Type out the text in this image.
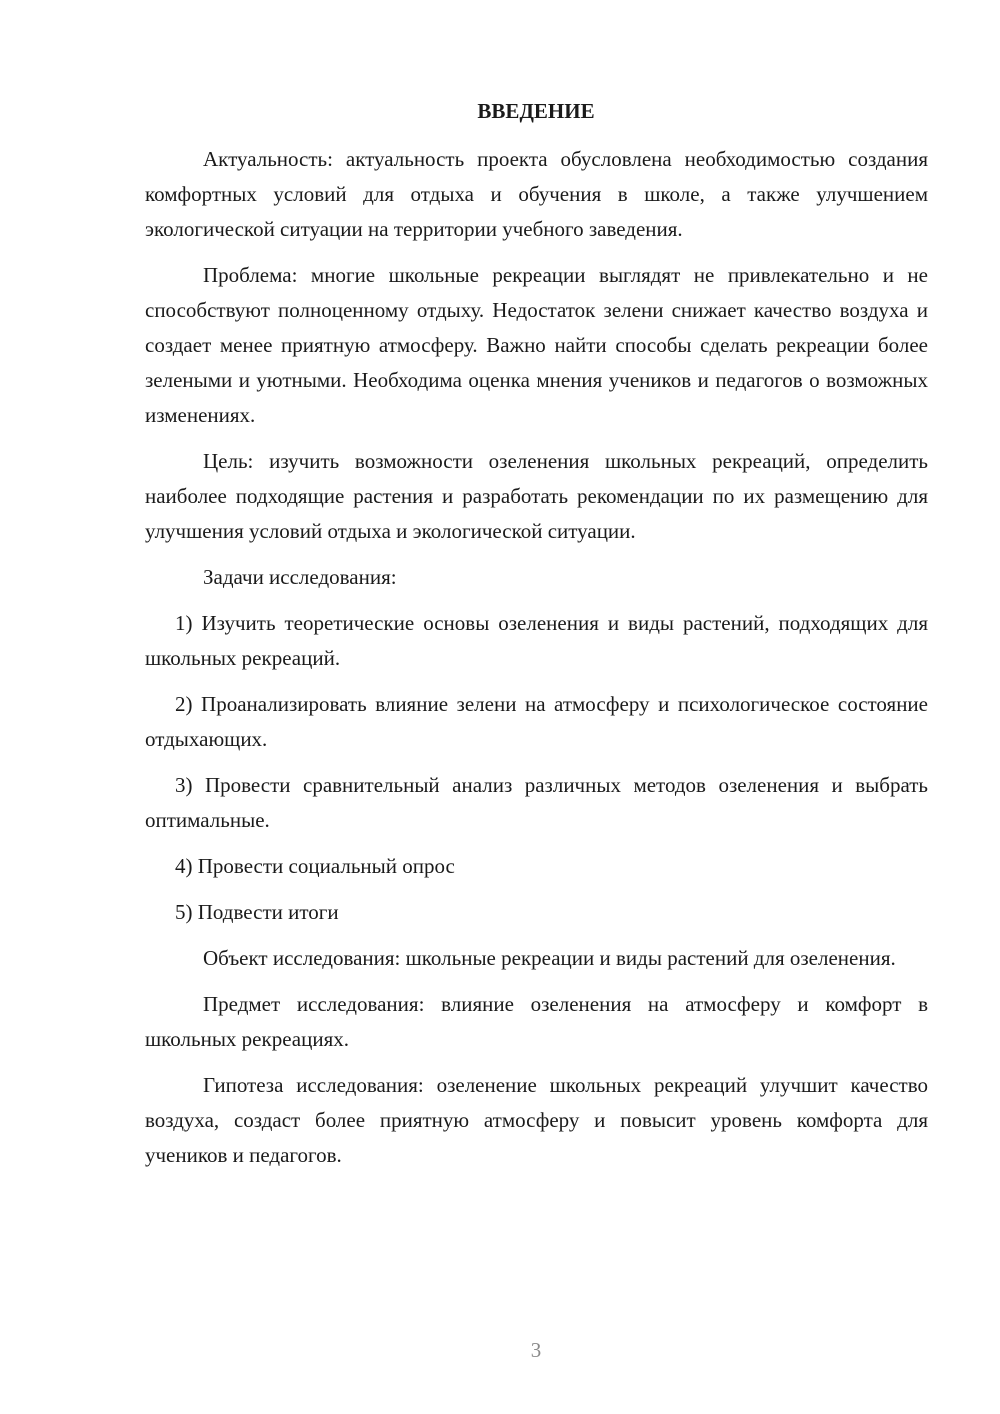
ВВЕДЕНИЕ

Актуальность: актуальность проекта обусловлена необходимостью создания комфортных условий для отдыха и обучения в школе, а также улучшением экологической ситуации на территории учебного заведения.

Проблема: многие школьные рекреации выглядят не привлекательно и не способствуют полноценному отдыху. Недостаток зелени снижает качество воздуха и создает менее приятную атмосферу. Важно найти способы сделать рекреации более зелеными и уютными. Необходима оценка мнения учеников и педагогов о возможных изменениях.

Цель: изучить возможности озеленения школьных рекреаций, определить наиболее подходящие растения и разработать рекомендации по их размещению для улучшения условий отдыха и экологической ситуации.

Задачи исследования:

1) Изучить теоретические основы озеленения и виды растений, подходящих для школьных рекреаций.

2) Проанализировать влияние зелени на атмосферу и психологическое состояние отдыхающих.

3) Провести сравнительный анализ различных методов озеленения и выбрать оптимальные.

4) Провести социальный опрос

5) Подвести итоги

Объект исследования: школьные рекреации и виды растений для озеленения.

Предмет исследования: влияние озеленения на атмосферу и комфорт в школьных рекреациях.

Гипотеза исследования: озеленение школьных рекреаций улучшит качество воздуха, создаст более приятную атмосферу и повысит уровень комфорта для учеников и педагогов.

3
